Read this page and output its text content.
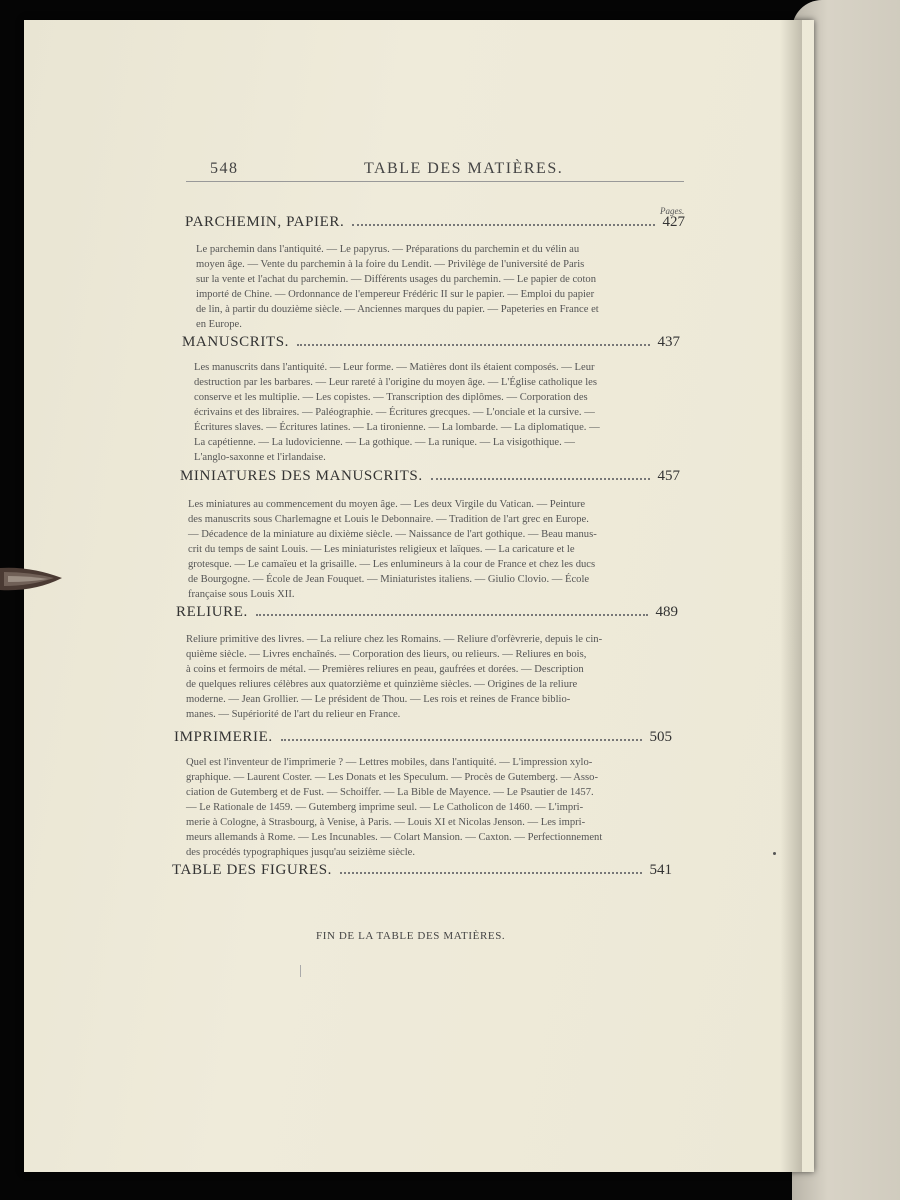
548	TABLE DES MATIÈRES.
Pages.
PARCHEMIN, PAPIER.	427
Le parchemin dans l'antiquité. — Le papyrus. — Préparations du parchemin et du vélin au
moyen âge. — Vente du parchemin à la foire du Lendit. — Privilège de l'université de Paris
sur la vente et l'achat du parchemin. — Différents usages du parchemin. — Le papier de coton
importé de Chine. — Ordonnance de l'empereur Frédéric II sur le papier. — Emploi du papier
de lin, à partir du douzième siècle. — Anciennes marques du papier. — Papeteries en France et
en Europe.
MANUSCRITS.	437
Les manuscrits dans l'antiquité. — Leur forme. — Matières dont ils étaient composés. — Leur
destruction par les barbares. — Leur rareté à l'origine du moyen âge. — L'Église catholique les
conserve et les multiplie. — Les copistes. — Transcription des diplômes. — Corporation des
écrivains et des libraires. — Paléographie. — Écritures grecques. — L'onciale et la cursive. —
Écritures slaves. — Écritures latines. — La tironienne. — La lombarde. — La diplomatique. —
La capétienne. — La ludovicienne. — La gothique. — La runique. — La visigothique. —
L'anglo-saxonne et l'irlandaise.
MINIATURES DES MANUSCRITS.	457
Les miniatures au commencement du moyen âge. — Les deux Virgile du Vatican. — Peinture
des manuscrits sous Charlemagne et Louis le Debonnaire. — Tradition de l'art grec en Europe.
— Décadence de la miniature au dixième siècle. — Naissance de l'art gothique. — Beau manus-
crit du temps de saint Louis. — Les miniaturistes religieux et laïques. — La caricature et le
grotesque. — Le camaïeu et la grisaille. — Les enlumineurs à la cour de France et chez les ducs
de Bourgogne. — École de Jean Fouquet. — Miniaturistes italiens. — Giulio Clovio. — École
française sous Louis XII.
RELIURE.	489
Reliure primitive des livres. — La reliure chez les Romains. — Reliure d'orfèvrerie, depuis le cin-
quième siècle. — Livres enchaînés. — Corporation des lieurs, ou relieurs. — Reliures en bois,
à coins et fermoirs de métal. — Premières reliures en peau, gaufrées et dorées. — Description
de quelques reliures célèbres aux quatorzième et quinzième siècles. — Origines de la reliure
moderne. — Jean Grollier. — Le président de Thou. — Les rois et reines de France biblio-
manes. — Supériorité de l'art du relieur en France.
IMPRIMERIE.	505
Quel est l'inventeur de l'imprimerie ? — Lettres mobiles, dans l'antiquité. — L'impression xylo-
graphique. — Laurent Coster. — Les Donats et les Speculum. — Procès de Gutemberg. — Asso-
ciation de Gutemberg et de Fust. — Schoiffer. — La Bible de Mayence. — Le Psautier de 1457.
— Le Rationale de 1459. — Gutemberg imprime seul. — Le Catholicon de 1460. — L'impri-
merie à Cologne, à Strasbourg, à Venise, à Paris. — Louis XI et Nicolas Jenson. — Les impri-
meurs allemands à Rome. — Les Incunables. — Colart Mansion. — Caxton. — Perfectionnement
des procédés typographiques jusqu'au seizième siècle.
TABLE DES FIGURES.	541
FIN DE LA TABLE DES MATIÈRES.
